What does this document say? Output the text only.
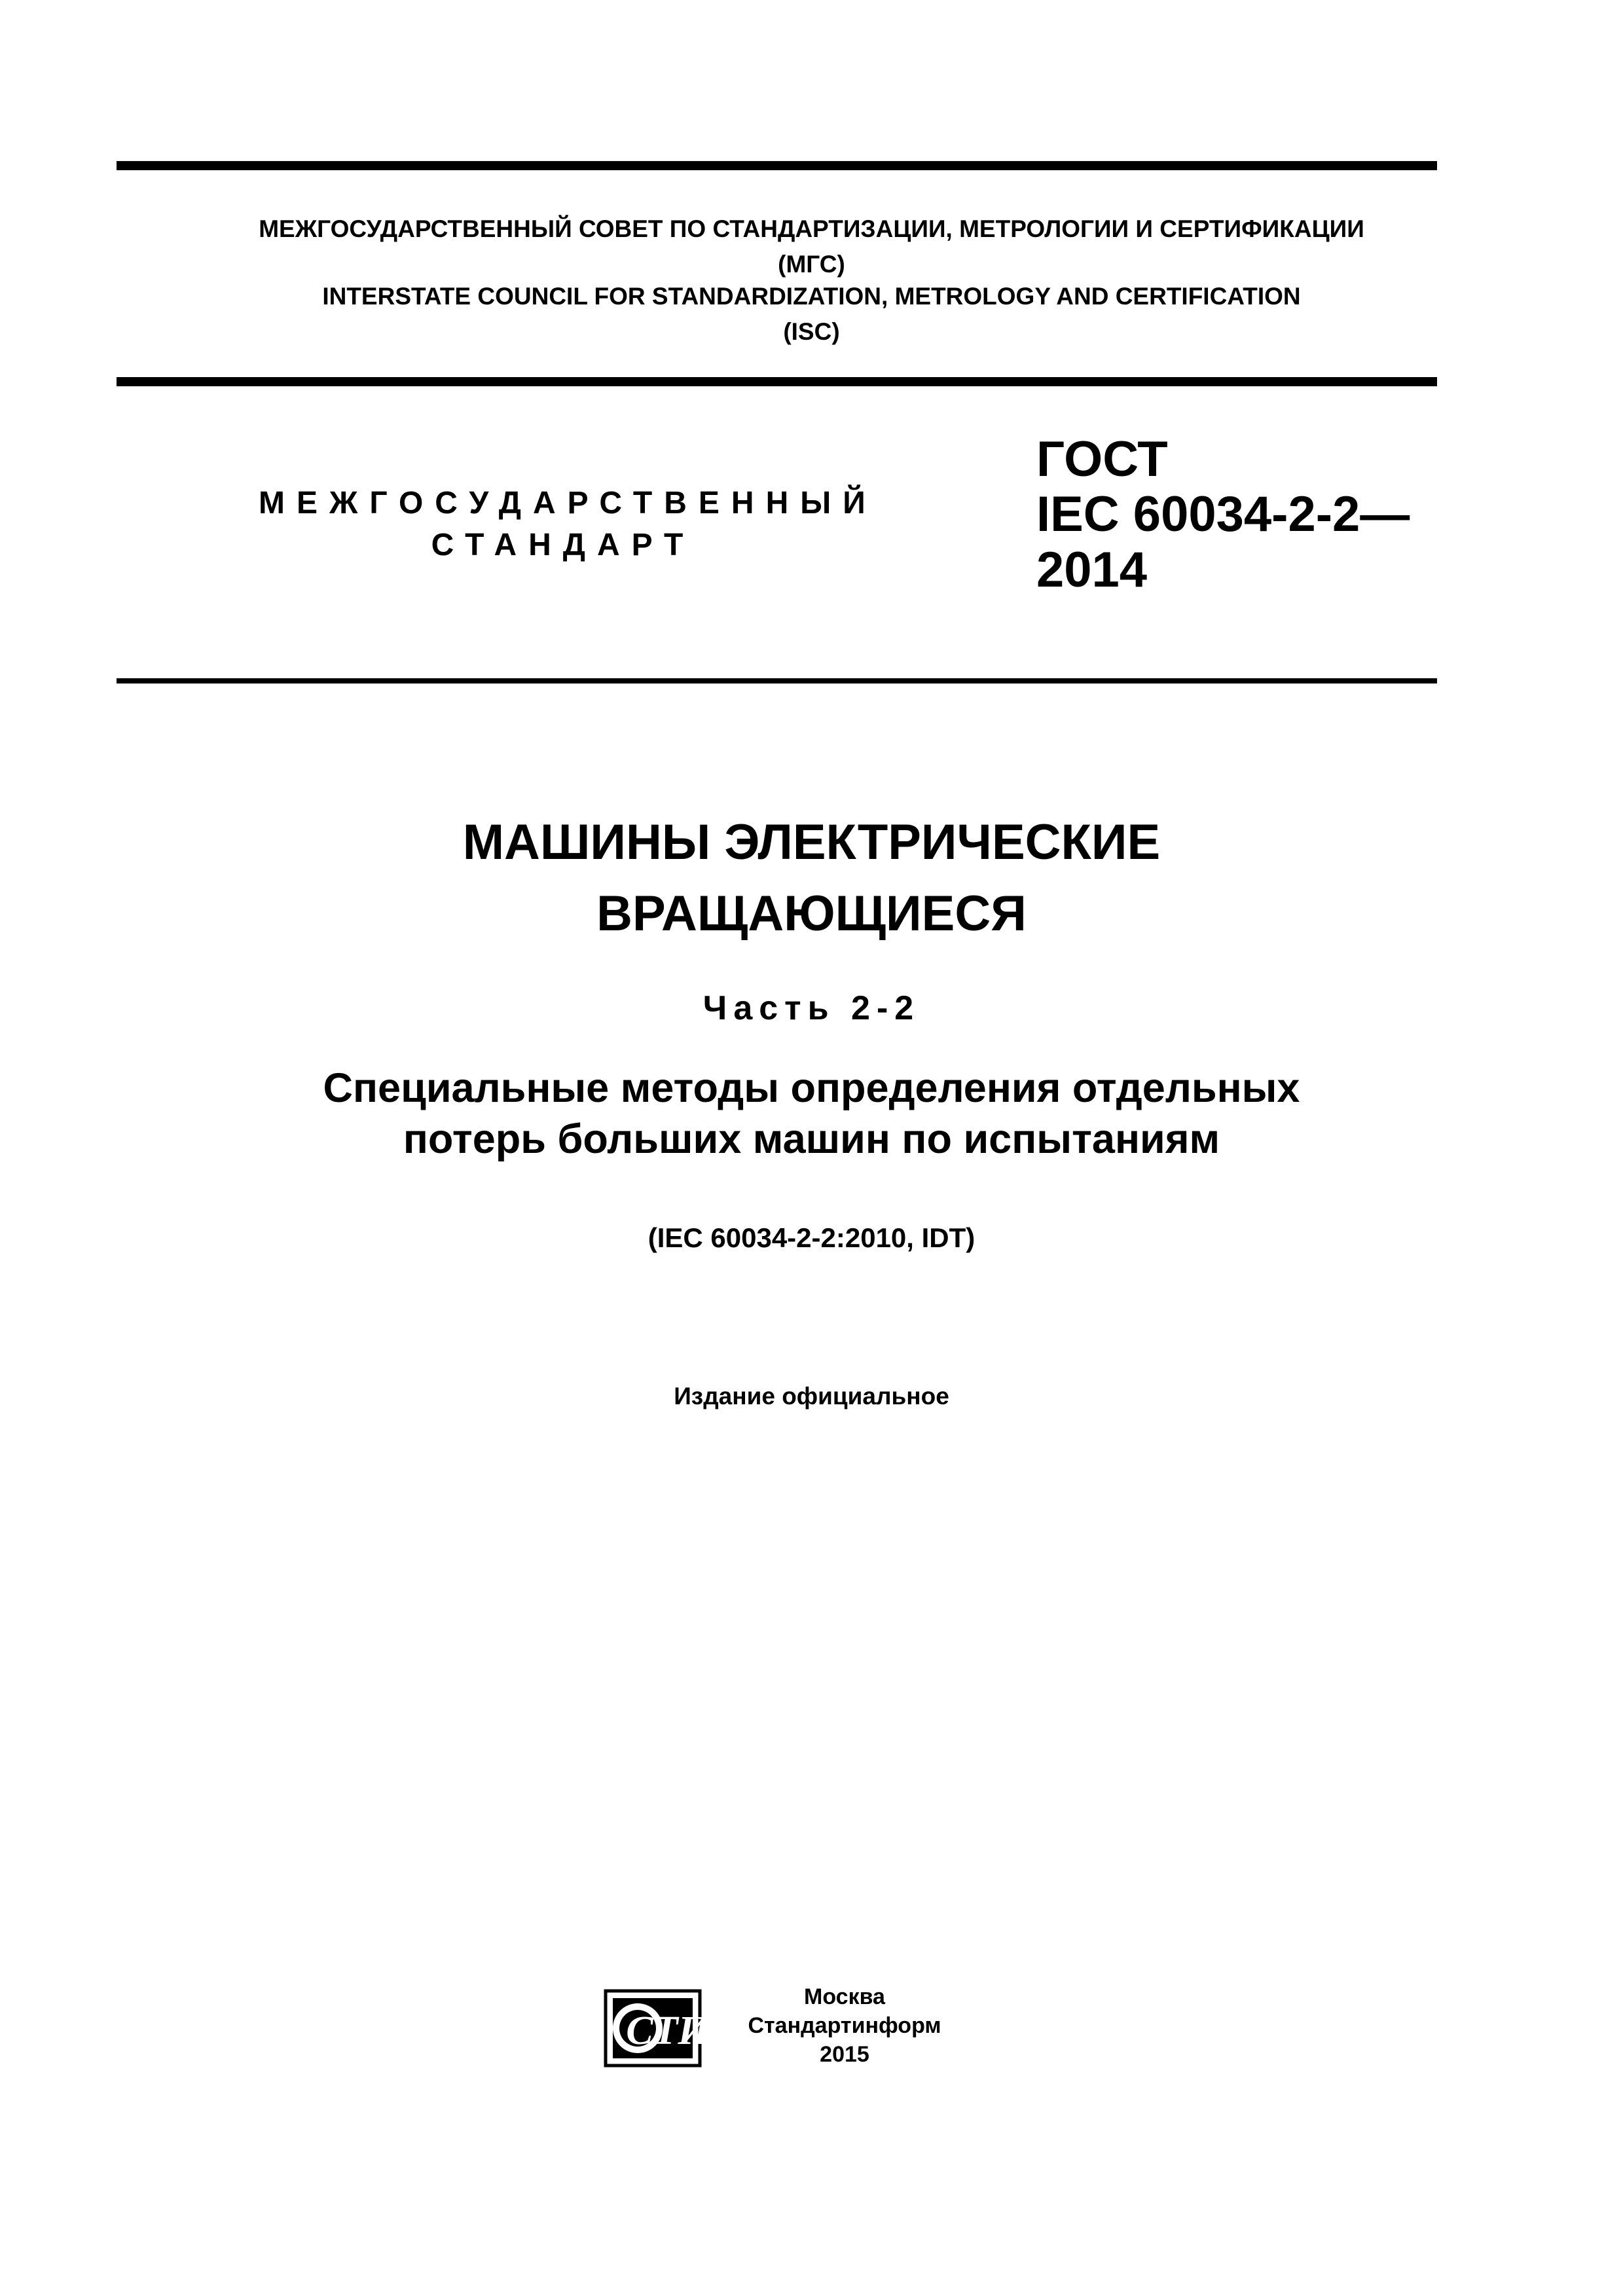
МЕЖГОСУДАРСТВЕННЫЙ СОВЕТ ПО СТАНДАРТИЗАЦИИ, МЕТРОЛОГИИ И СЕРТИФИКАЦИИ
(МГС)
INTERSTATE COUNCIL FOR STANDARDIZATION, METROLOGY AND CERTIFICATION
(ISC)
МЕЖГОСУДАРСТВЕННЫЙ
СТАНДАРТ
ГОСТ
IEC 60034-2-2—
2014
МАШИНЫ ЭЛЕКТРИЧЕСКИЕ
ВРАЩАЮЩИЕСЯ
Часть 2-2
Специальные методы определения отдельных
потерь больших машин по испытаниям
(IEC 60034-2-2:2010, IDT)
Издание официальное
СТИ
Москва
Стандартинформ
2015
